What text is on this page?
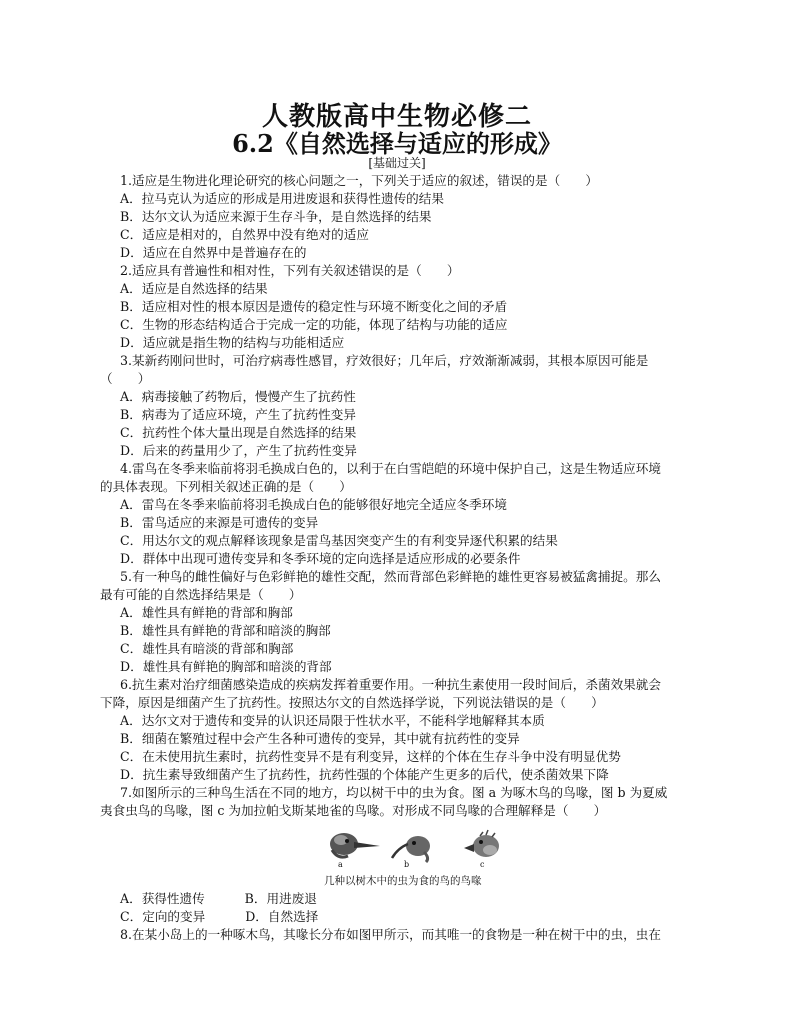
人教版高中生物必修二
6.2《自然选择与适应的形成》
[基础过关]
1.适应是生物进化理论研究的核心问题之一，下列关于适应的叙述，错误的是（　　）
A．拉马克认为适应的形成是用进废退和获得性遗传的结果
B．达尔文认为适应来源于生存斗争，是自然选择的结果
C．适应是相对的，自然界中没有绝对的适应
D．适应在自然界中是普遍存在的
2.适应具有普遍性和相对性，下列有关叙述错误的是（　　）
A．适应是自然选择的结果
B．适应相对性的根本原因是遗传的稳定性与环境不断变化之间的矛盾
C．生物的形态结构适合于完成一定的功能，体现了结构与功能的适应
D．适应就是指生物的结构与功能相适应
3.某新药刚问世时，可治疗病毒性感冒，疗效很好；几年后，疗效渐渐减弱，其根本原因可能是
（　　）
A．病毒接触了药物后，慢慢产生了抗药性
B．病毒为了适应环境，产生了抗药性变异
C．抗药性个体大量出现是自然选择的结果
D．后来的药量用少了，产生了抗药性变异
4.雷鸟在冬季来临前将羽毛换成白色的，以利于在白雪皑皑的环境中保护自己，这是生物适应环境
的具体表现。下列相关叙述正确的是（　　）
A．雷鸟在冬季来临前将羽毛换成白色的能够很好地完全适应冬季环境
B．雷鸟适应的来源是可遗传的变异
C．用达尔文的观点解释该现象是雷鸟基因突变产生的有利变异逐代积累的结果
D．群体中出现可遗传变异和冬季环境的定向选择是适应形成的必要条件
5.有一种鸟的雌性偏好与色彩鲜艳的雄性交配，然而背部色彩鲜艳的雄性更容易被猛禽捕捉。那么
最有可能的自然选择结果是（　　）
A．雄性具有鲜艳的背部和胸部
B．雄性具有鲜艳的背部和暗淡的胸部
C．雄性具有暗淡的背部和胸部
D．雄性具有鲜艳的胸部和暗淡的背部
6.抗生素对治疗细菌感染造成的疾病发挥着重要作用。一种抗生素使用一段时间后，杀菌效果就会
下降，原因是细菌产生了抗药性。按照达尔文的自然选择学说，下列说法错误的是（　　）
A．达尔文对于遗传和变异的认识还局限于性状水平，不能科学地解释其本质
B．细菌在繁殖过程中会产生各种可遗传的变异，其中就有抗药性的变异
C．在未使用抗生素时，抗药性变异不是有利变异，这样的个体在生存斗争中没有明显优势
D．抗生素导致细菌产生了抗药性，抗药性强的个体能产生更多的后代，使杀菌效果下降
7.如图所示的三种鸟生活在不同的地方，均以树干中的虫为食。图 a 为啄木鸟的鸟喙，图 b 为夏威
夷食虫鸟的鸟喙，图 c 为加拉帕戈斯某地雀的鸟喙。对形成不同鸟喙的合理解释是（　　）
a	b	c
几种以树木中的虫为食的鸟的鸟喙
A．获得性遗传	B．用进废退
C．定向的变异	D．自然选择
8.在某小岛上的一种啄木鸟，其喙长分布如图甲所示，而其唯一的食物是一种在树干中的虫，虫在
